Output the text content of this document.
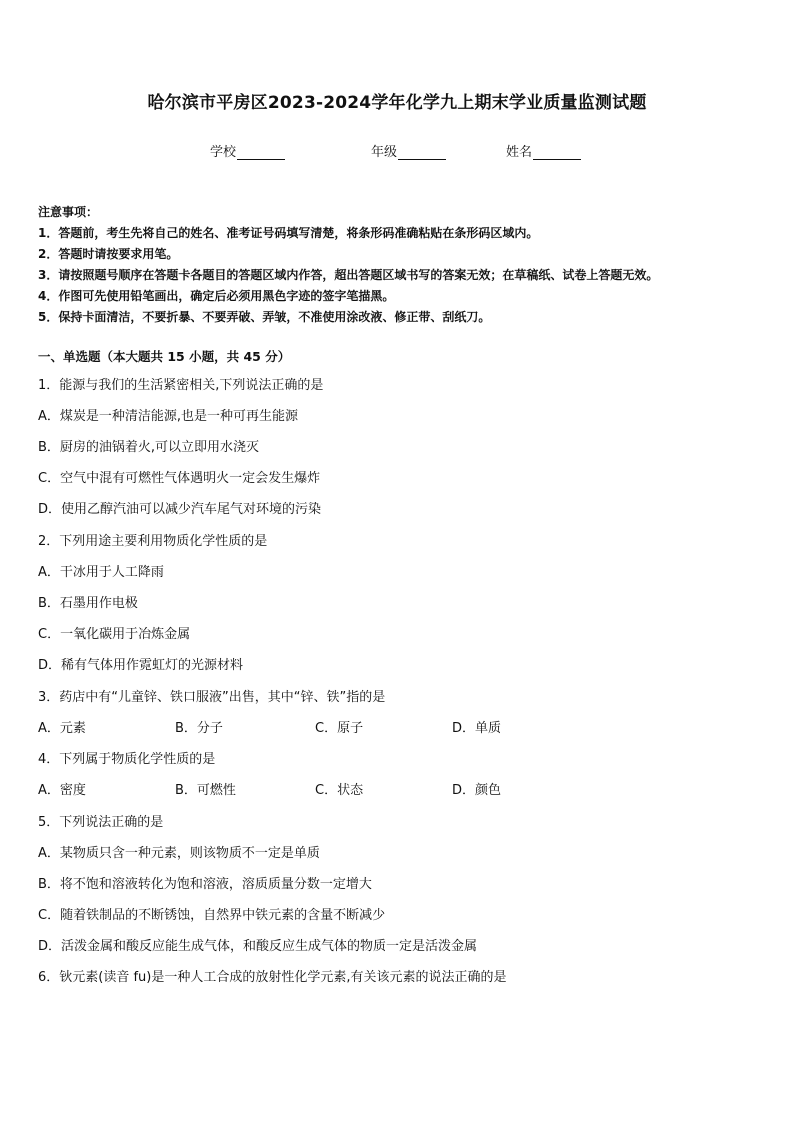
哈尔滨市平房区2023-2024学年化学九上期末学业质量监测试题
学校	年级	姓名
注意事项：
1．答题前，考生先将自己的姓名、准考证号码填写清楚，将条形码准确粘贴在条形码区域内。
2．答题时请按要求用笔。
3．请按照题号顺序在答题卡各题目的答题区域内作答，超出答题区域书写的答案无效；在草稿纸、试卷上答题无效。
4．作图可先使用铅笔画出，确定后必须用黑色字迹的签字笔描黑。
5．保持卡面清洁，不要折暴、不要弄破、弄皱，不准使用涂改液、修正带、刮纸刀。
一、单选题（本大题共 15 小题，共 45 分）
1．能源与我们的生活紧密相关,下列说法正确的是
A．煤炭是一种清洁能源,也是一种可再生能源
B．厨房的油锅着火,可以立即用水浇灭
C．空气中混有可燃性气体遇明火一定会发生爆炸
D．使用乙醇汽油可以减少汽车尾气对环境的污染
2．下列用途主要利用物质化学性质的是
A．干冰用于人工降雨
B．石墨用作电极
C．一氧化碳用于冶炼金属
D．稀有气体用作霓虹灯的光源材料
3．药店中有“儿童锌、铁口服液”出售，其中“锌、铁”指的是
A．元素	B．分子	C．原子	D．单质
4．下列属于物质化学性质的是
A．密度	B．可燃性	C．状态	D．颜色
5．下列说法正确的是
A．某物质只含一种元素，则该物质不一定是单质
B．将不饱和溶液转化为饱和溶液，溶质质量分数一定增大
C．随着铁制品的不断锈蚀，自然界中铁元素的含量不断减少
D．活泼金属和酸反应能生成气体，和酸反应生成气体的物质一定是活泼金属
6．钬元素(读音 fu)是一种人工合成的放射性化学元素,有关该元素的说法正确的是
